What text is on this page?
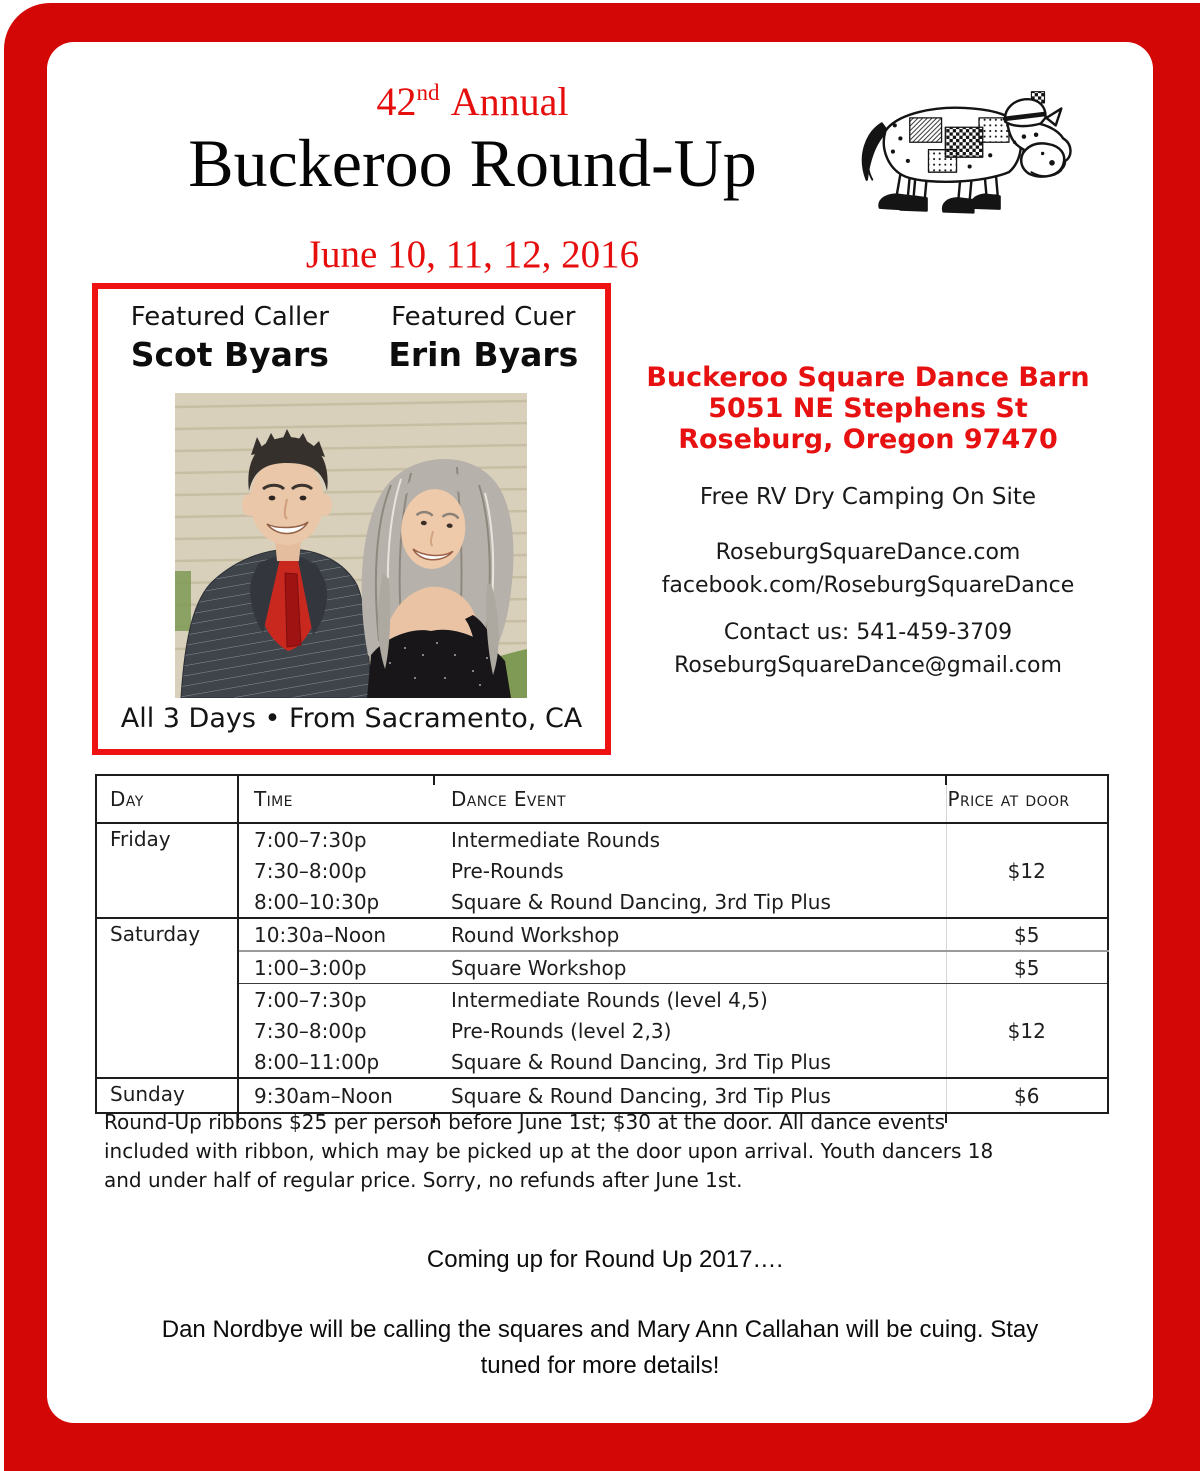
42nd Annual
Buckeroo Round-Up
June 10, 11, 12, 2016
Featured Caller
Scot Byars
Featured Cuer
Erin Byars
All 3 Days • From Sacramento, CA
Buckeroo Square Dance Barn
5051 NE Stephens St
Roseburg, Oregon 97470
Free RV Dry Camping On Site
RoseburgSquareDance.com
facebook.com/RoseburgSquareDance
Contact us: 541-459-3709
RoseburgSquareDance@gmail.com
Day	Time	Dance Event	Price at door
Friday	7:00–7:30p	Intermediate Rounds	
	7:30–8:00p	Pre-Rounds	$12
	8:00–10:30p	Square & Round Dancing, 3rd Tip Plus	
Saturday	10:30a–Noon	Round Workshop	$5
	1:00–3:00p	Square Workshop	$5
	7:00–7:30p	Intermediate Rounds (level 4,5)	
	7:30–8:00p	Pre-Rounds (level 2,3)	$12
	8:00–11:00p	Square & Round Dancing, 3rd Tip Plus	
Sunday	9:30am–Noon	Square & Round Dancing, 3rd Tip Plus	$6
Round-Up ribbons $25 per person before June 1st; $30 at the door. All dance events
included with ribbon, which may be picked up at the door upon arrival. Youth dancers 18
and under half of regular price. Sorry, no refunds after June 1st.
Coming up for Round Up 2017….
Dan Nordbye will be calling the squares and Mary Ann Callahan will be cuing. Stay
tuned for more details!
